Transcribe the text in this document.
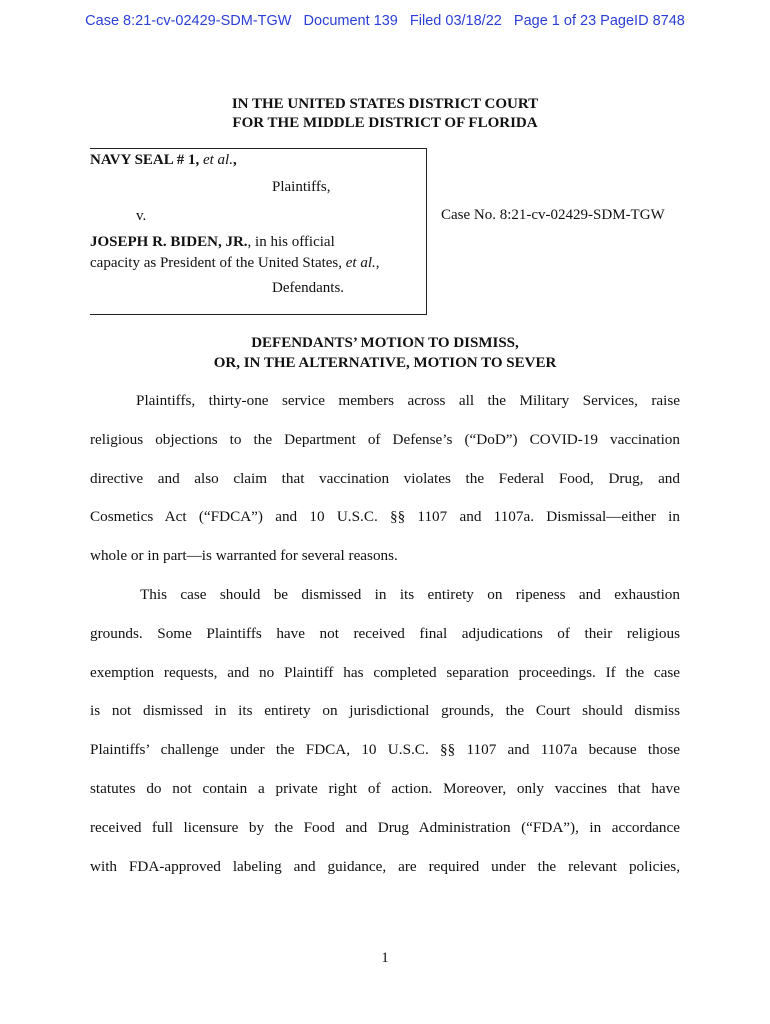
Case 8:21-cv-02429-SDM-TGW   Document 139   Filed 03/18/22   Page 1 of 23 PageID 8748
IN THE UNITED STATES DISTRICT COURT
FOR THE MIDDLE DISTRICT OF FLORIDA
NAVY SEAL # 1, et al.,
Plaintiffs,
v.
JOSEPH R. BIDEN, JR., in his official
capacity as President of the United States, et al.,
Defendants.
Case No. 8:21-cv-02429-SDM-TGW
DEFENDANTS’ MOTION TO DISMISS,
OR, IN THE ALTERNATIVE, MOTION TO SEVER
Plaintiffs, thirty-one service members across all the Military Services, raise
religious objections to the Department of Defense’s (“DoD”) COVID-19 vaccination
directive and also claim that vaccination violates the Federal Food, Drug, and
Cosmetics Act (“FDCA”) and 10 U.S.C. §§ 1107 and 1107a. Dismissal—either in
whole or in part—is warranted for several reasons.
This case should be dismissed in its entirety on ripeness and exhaustion
grounds. Some Plaintiffs have not received final adjudications of their religious
exemption requests, and no Plaintiff has completed separation proceedings. If the case
is not dismissed in its entirety on jurisdictional grounds, the Court should dismiss
Plaintiffs’ challenge under the FDCA, 10 U.S.C. §§ 1107 and 1107a because those
statutes do not contain a private right of action. Moreover, only vaccines that have
received full licensure by the Food and Drug Administration (“FDA”), in accordance
with FDA-approved labeling and guidance, are required under the relevant policies,
1
